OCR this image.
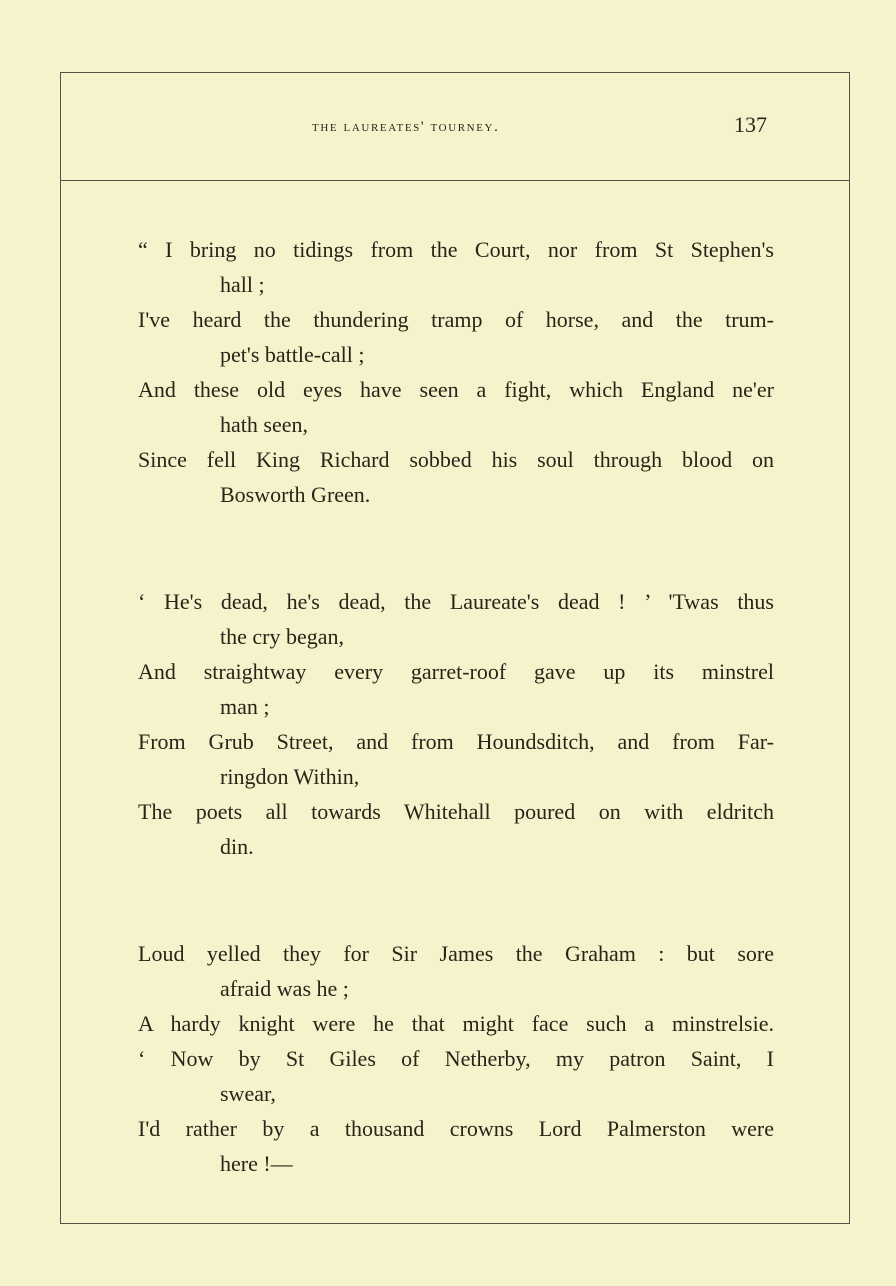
the laureates' tourney.	137
“ I bring no tidings from the Court, nor from St Stephen's
hall ;
I've heard the thundering tramp of horse, and the trum-
pet's battle-call ;
And these old eyes have seen a fight, which England ne'er
hath seen,
Since fell King Richard sobbed his soul through blood on
Bosworth Green.
‘ He's dead, he's dead, the Laureate's dead ! ’ 'Twas thus
the cry began,
And straightway every garret-roof gave up its minstrel
man ;
From Grub Street, and from Houndsditch, and from Far-
ringdon Within,
The poets all towards Whitehall poured on with eldritch
din.
Loud yelled they for Sir James the Graham : but sore
afraid was he ;
A hardy knight were he that might face such a minstrelsie.
‘ Now by St Giles of Netherby, my patron Saint, I
swear,
I'd rather by a thousand crowns Lord Palmerston were
here !—
